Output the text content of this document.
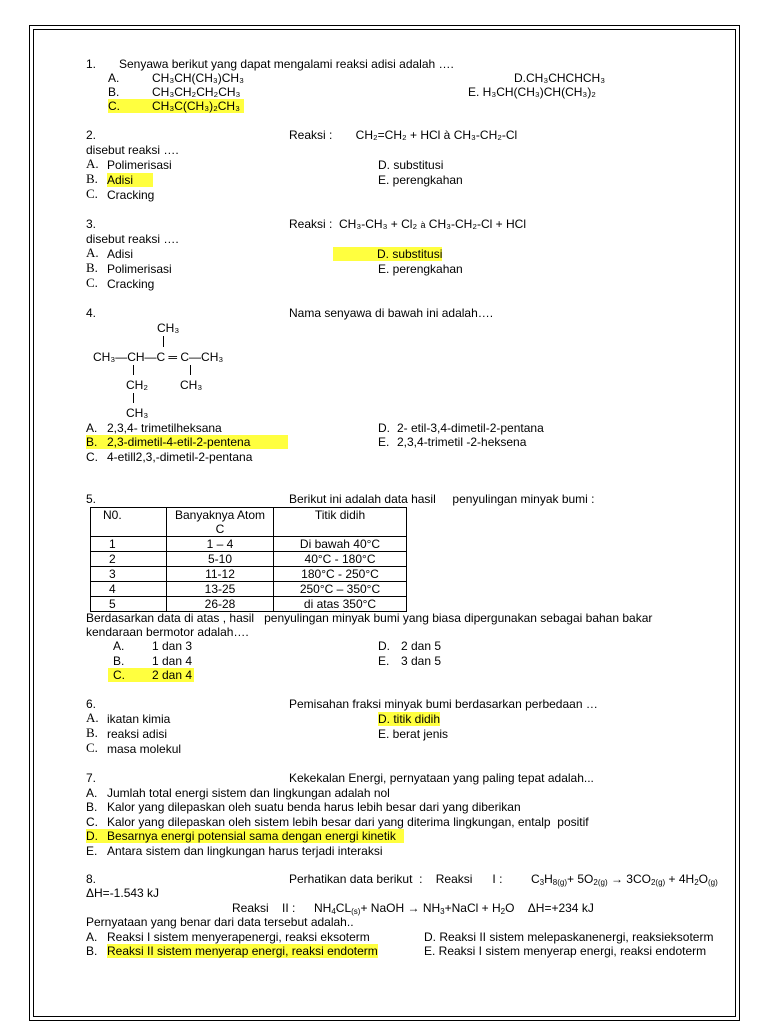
1. Senyawa berikut yang dapat mengalami reaksi adisi adalah ….
A.	CH₃CH(CH₃)CH₃	D.CH₃CHCHCH₃
B.	CH₃CH₂CH₂CH₃	E. H₃CH(CH₃)CH(CH₃)₂
C.	CH₃C(CH₃)₂CH₃
2.	Reaksi :       CH₂=CH₂ + HCl à CH₃-CH₂-Cl
disebut reaksi ….
A. Polimerisasi	D. substitusi
B. Adisi	E. perengkahan
C. Cracking
3.	Reaksi :  CH₃-CH₃ + Cl₂ à CH₃-CH₂-Cl + HCl
disebut reaksi ….
A. Adisi	D. substitusi
B. Polimerisasi	E. perengkahan
C. Cracking
4.	Nama senyawa di bawah ini adalah….
CH₃
CH₃—CH—C ═ C—CH₃
CH₂	CH₃
CH₃
A. 2,3,4- trimetilheksana	D. 2- etil-3,4-dimetil-2-pentana
B. 2,3-dimetil-4-etil-2-pentena	E. 2,3,4-trimetil -2-heksena
C. 4-etill2,3,-dimetil-2-pentana
5.	Berikut ini adalah data hasil     penyulingan minyak bumi :
N0.	Banyaknya Atom C	Titik didih
1	1 – 4	Di bawah 40°C
2	5-10	40°C - 180°C
3	11-12	180°C - 250°C
4	13-25	250°C – 350°C
5	26-28	di atas 350°C
Berdasarkan data di atas , hasil   penyulingan minyak bumi yang biasa dipergunakan sebagai bahan bakar
kendaraan bermotor adalah….
A. 1 dan 3	D. 2 dan 5
B. 1 dan 4	E. 3 dan 5
C. 2 dan 4
6.	Pemisahan fraksi minyak bumi berdasarkan perbedaan …
A. ikatan kimia	D. titik didih
B. reaksi adisi	E. berat jenis
C. masa molekul
7.	Kekekalan Energi, pernyataan yang paling tepat adalah...
A. Jumlah total energi sistem dan lingkungan adalah nol
B. Kalor yang dilepaskan oleh suatu benda harus lebih besar dari yang diberikan
C. Kalor yang dilepaskan oleh sistem lebih besar dari yang diterima lingkungan, entalp  positif
D. Besarnya energi potensial sama dengan energi kinetik
E. Antara sistem dan lingkungan harus terjadi interaksi
8.	Perhatikan data berikut  :    Reaksi      I : $C_3H_{8(g)}+ 5O_{2(g)} \to 3CO_{2(g)} + 4H_2O_{(g)}$
ΔH=-1.543 kJ
Reaksi    II : $NH_4CL_{(s)}+$ NaOH → $NH_3+NaCl + H_2O$    ΔH=+234 kJ
Pernyataan yang benar dari data tersebut adalah..
A. Reaksi I sistem menyerapenergi, reaksi eksoterm	D. Reaksi II sistem melepaskanenergi, reaksieksoterm
B. Reaksi II sistem menyerap energi, reaksi endoterm	E. Reaksi I sistem menyerap energi, reaksi endoterm
